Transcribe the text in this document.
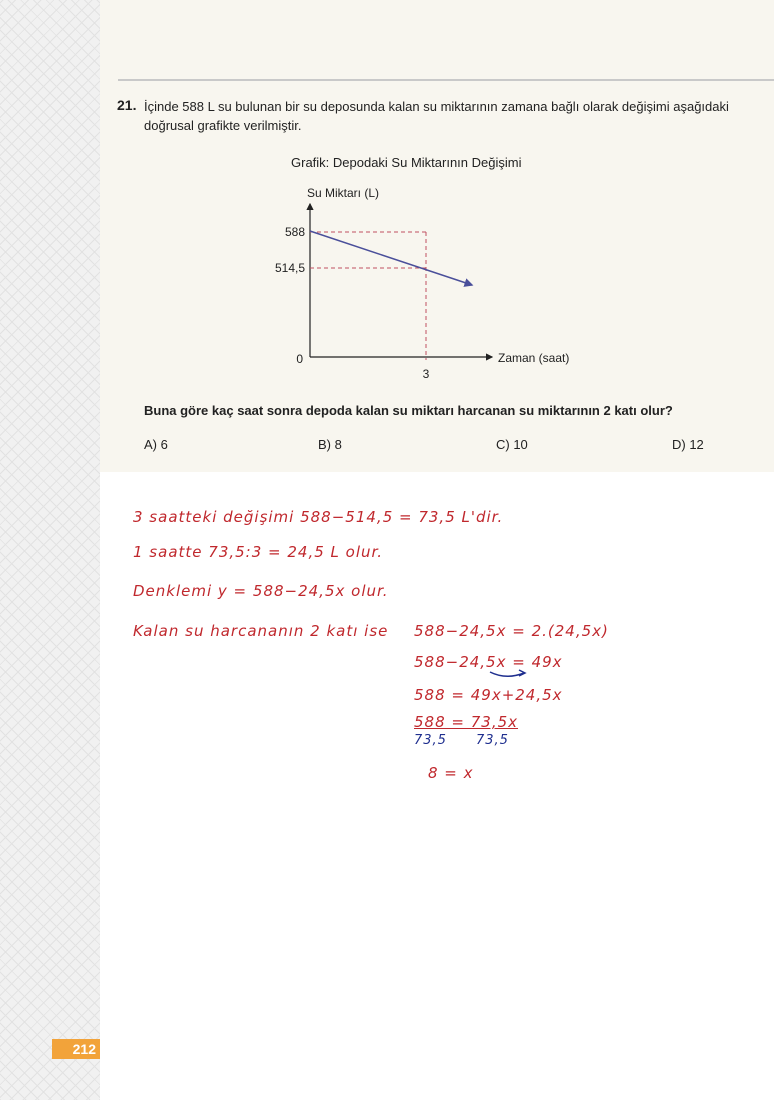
21. İçinde 588 L su bulunan bir su deposunda kalan su miktarının zamana bağlı olarak değişimi aşağıdaki doğrusal grafikte verilmiştir.
Grafik: Depodaki Su Miktarının Değişimi
Su Miktarı (L)
588
514,5
0
3
Zaman (saat)
Buna göre kaç saat sonra depoda kalan su miktarı harcanan su miktarının 2 katı olur?
A) 6	B) 8	C) 10	D) 12
3 saatteki değişimi 588−514,5 = 73,5 L'dir.
1 saatte 73,5:3 = 24,5 L olur.
Denklemi y = 588−24,5x olur.
Kalan su harcananın 2 katı ise 588−24,5x = 2.(24,5x)
588−24,5x = 49x
588 = 49x+24,5x
588 = 73,5x
73,5 73,5
8 = x
212
